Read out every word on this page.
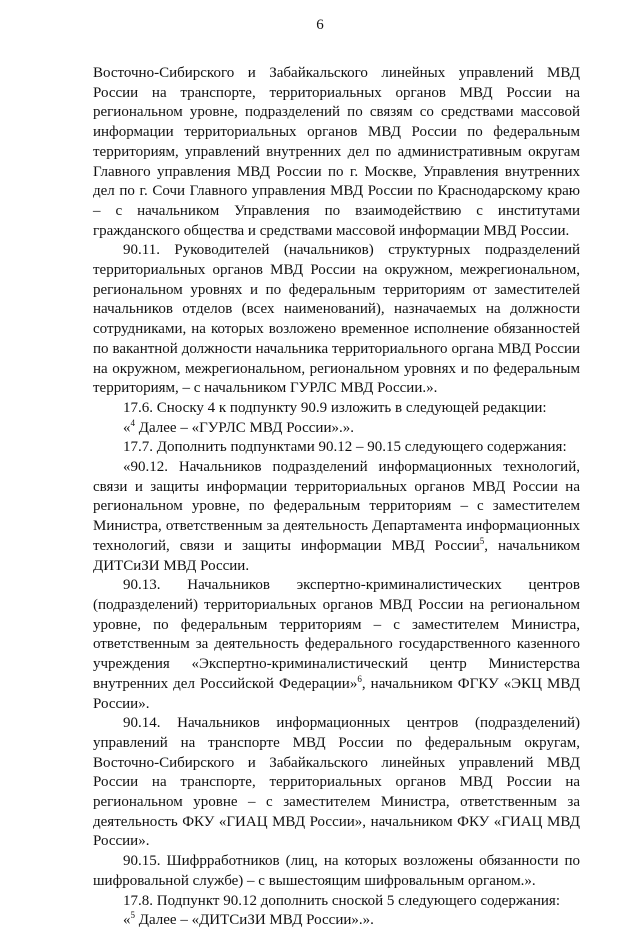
6

Восточно-Сибирского и Забайкальского линейных управлений МВД России на транспорте, территориальных органов МВД России на региональном уровне, подразделений по связям со средствами массовой информации территориальных органов МВД России по федеральным территориям, управлений внутренних дел по административным округам Главного управления МВД России по г. Москве, Управления внутренних дел по г. Сочи Главного управления МВД России по Краснодарскому краю – с начальником Управления по взаимодействию с институтами гражданского общества и средствами массовой информации МВД России.

90.11. Руководителей (начальников) структурных подразделений территориальных органов МВД России на окружном, межрегиональном, региональном уровнях и по федеральным территориям от заместителей начальников отделов (всех наименований), назначаемых на должности сотрудниками, на которых возложено временное исполнение обязанностей по вакантной должности начальника территориального органа МВД России на окружном, межрегиональном, региональном уровнях и по федеральным территориям, – с начальником ГУРЛС МВД России.».

17.6. Сноску 4 к подпункту 90.9 изложить в следующей редакции:

«$^4$ Далее – «ГУРЛС МВД России».».

17.7. Дополнить подпунктами 90.12 – 90.15 следующего содержания:

«90.12. Начальников подразделений информационных технологий, связи и защиты информации территориальных органов МВД России на региональном уровне, по федеральным территориям – с заместителем Министра, ответственным за деятельность Департамента информационных технологий, связи и защиты информации МВД России$^5$, начальником ДИТСиЗИ МВД России.

90.13. Начальников экспертно-криминалистических центров (подразделений) территориальных органов МВД России на региональном уровне, по федеральным территориям – с заместителем Министра, ответственным за деятельность федерального государственного казенного учреждения «Экспертно-криминалистический центр Министерства внутренних дел Российской Федерации»$^6$, начальником ФГКУ «ЭКЦ МВД России».

90.14. Начальников информационных центров (подразделений) управлений на транспорте МВД России по федеральным округам, Восточно-Сибирского и Забайкальского линейных управлений МВД России на транспорте, территориальных органов МВД России на региональном уровне – с заместителем Министра, ответственным за деятельность ФКУ «ГИАЦ МВД России», начальником ФКУ «ГИАЦ МВД России».

90.15. Шифрработников (лиц, на которых возложены обязанности по шифровальной службе) – с вышестоящим шифровальным органом.».

17.8. Подпункт 90.12 дополнить сноской 5 следующего содержания:

«$^5$ Далее – «ДИТСиЗИ МВД России».».
